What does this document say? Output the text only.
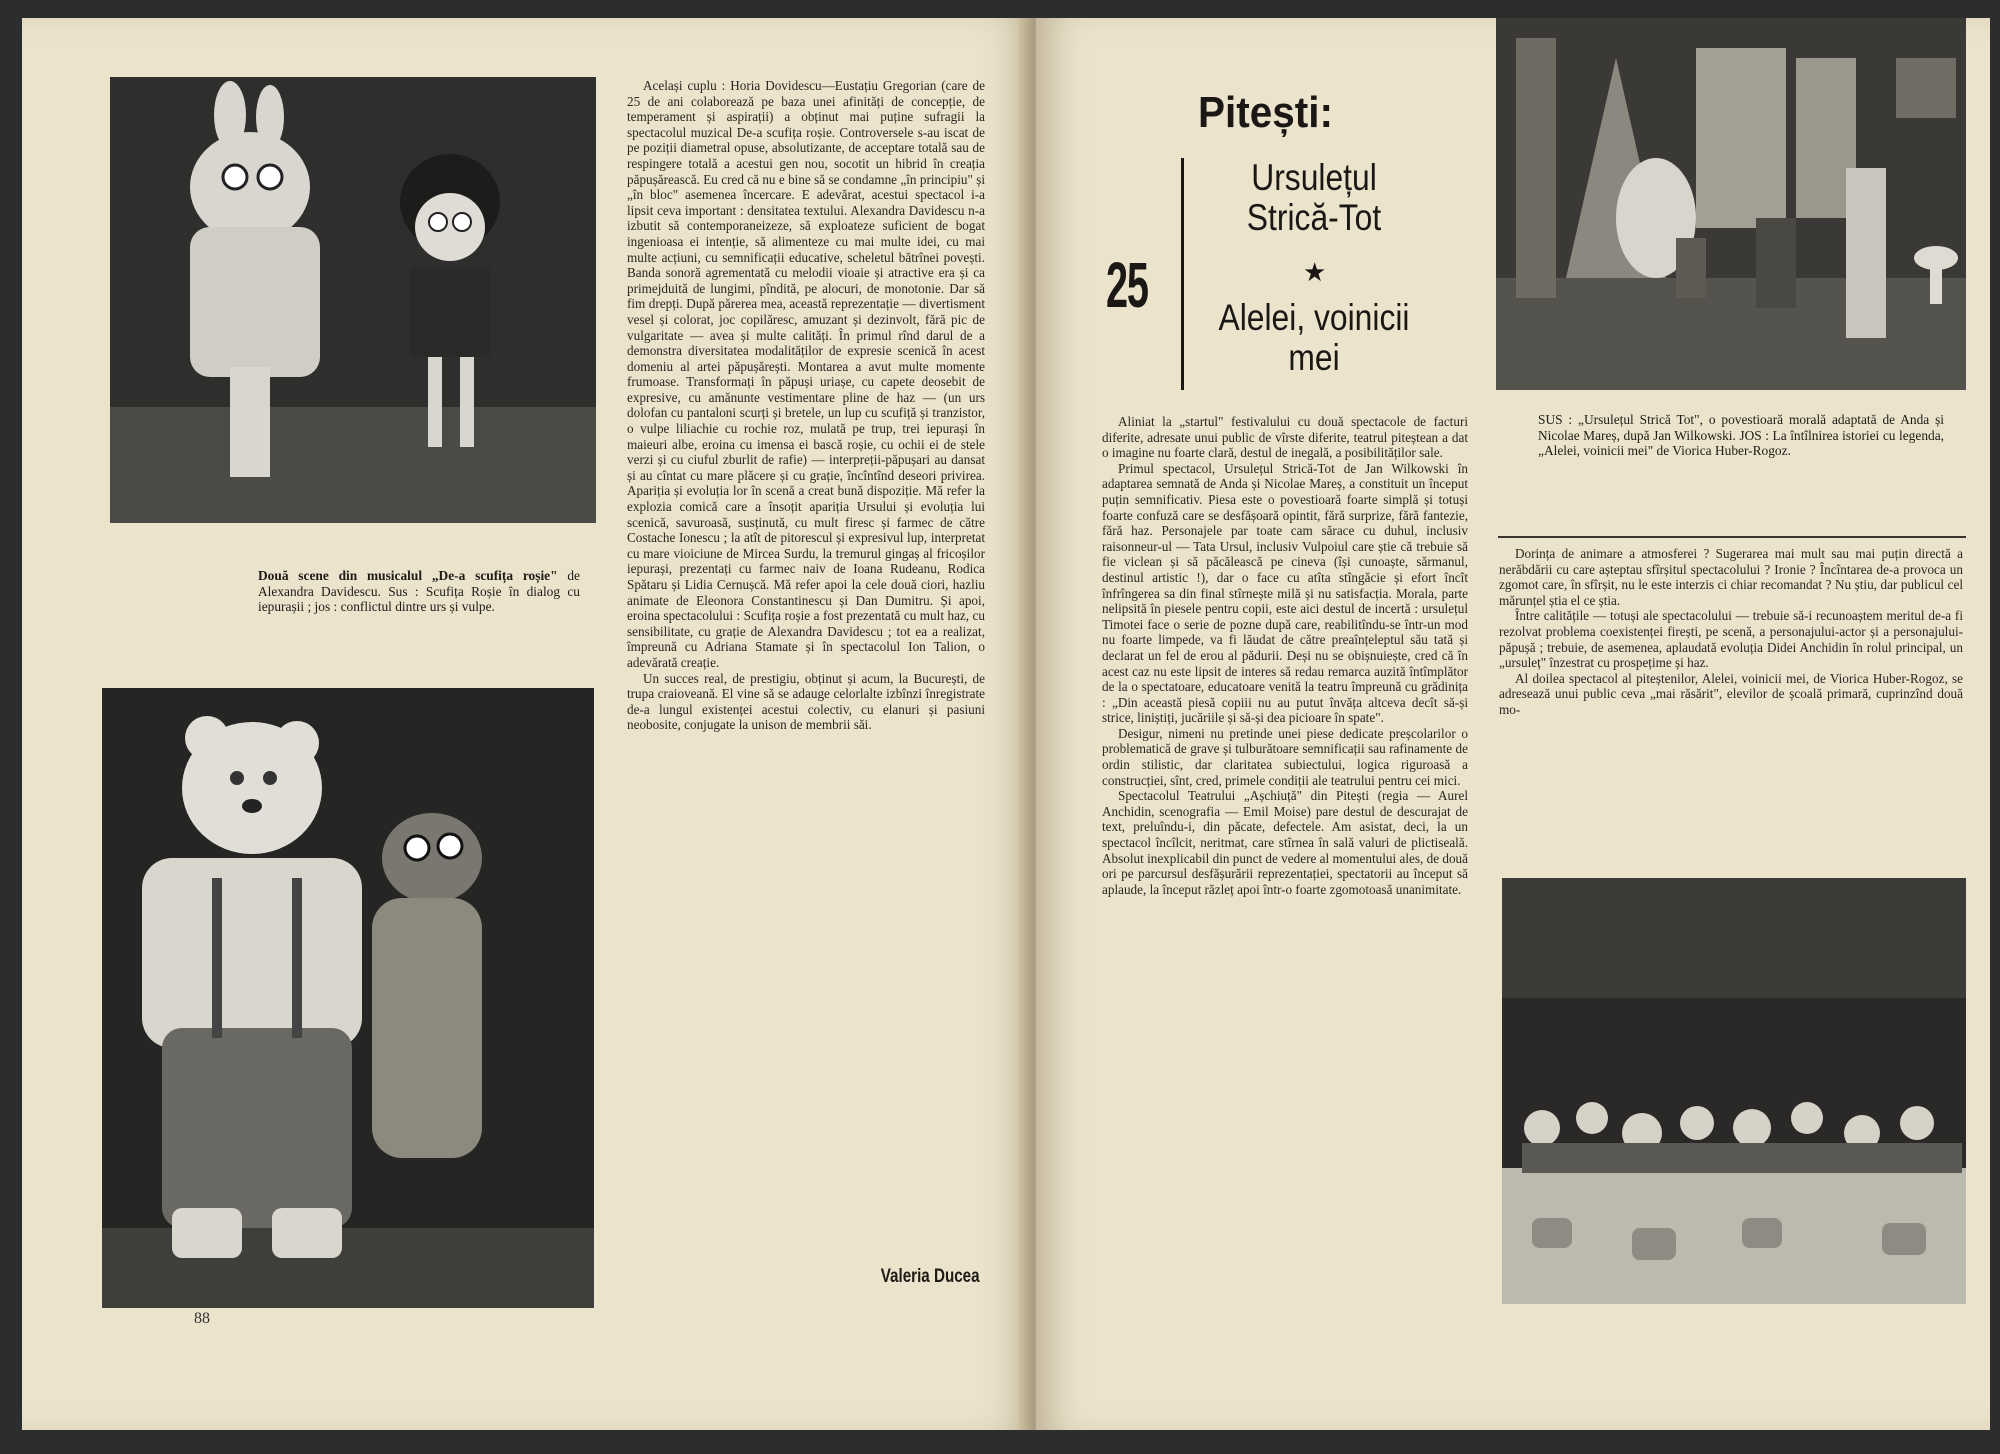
Două scene din musicalul „De-a scufița roșie" de Alexandra Davidescu. Sus : Scufița Roșie în dialog cu iepurașii ; jos : conflictul dintre urs și vulpe.

Același cuplu : Horia Dovidescu—Eustațiu Gregorian (care de 25 de ani colaborează pe baza unei afinități de concepție, de temperament și aspirații) a obținut mai puține sufragii la spectacolul muzical De-a scufița roșie. Controversele s-au iscat de pe poziții diametral opuse, absolutizante, de acceptare totală sau de respingere totală a acestui gen nou, socotit un hibrid în creația păpușărească. Eu cred că nu e bine să se condamne „în principiu" și „în bloc" asemenea încercare. E adevărat, acestui spectacol i-a lipsit ceva important : densitatea textului. Alexandra Davidescu n-a izbutit să contemporaneizeze, să exploateze suficient de bogat ingenioasa ei intenție, să alimenteze cu mai multe idei, cu mai multe acțiuni, cu semnificații educative, scheletul bătrînei povești. Banda sonoră agrementată cu melodii vioaie și atractive era și ca primejduită de lungimi, pîndită, pe alocuri, de monotonie. Dar să fim drepți. După părerea mea, această reprezentație — divertisment vesel și colorat, joc copilăresc, amuzant și dezinvolt, fără pic de vulgaritate — avea și multe calități. În primul rînd darul de a demonstra diversitatea modalităților de expresie scenică în acest domeniu al artei păpușărești. Montarea a avut multe momente frumoase. Transformați în păpuși uriașe, cu capete deosebit de expresive, cu amănunte vestimentare pline de haz — (un urs dolofan cu pantaloni scurți și bretele, un lup cu scufiță și tranzistor, o vulpe liliachie cu rochie roz, mulată pe trup, trei iepurași în maieuri albe, eroina cu imensa ei bască roșie, cu ochii ei de stele verzi și cu ciuful zburlit de rafie) — interpreții-păpușari au dansat și au cîntat cu mare plăcere și cu grație, încîntînd deseori privirea. Apariția și evoluția lor în scenă a creat bună dispoziție. Mă refer la explozia comică care a însoțit apariția Ursului și evoluția lui scenică, savuroasă, susținută, cu mult firesc și farmec de către Costache Ionescu ; la atît de pitorescul și expresivul lup, interpretat cu mare vioiciune de Mircea Surdu, la tremurul gingaș al fricoșilor iepurași, prezentați cu farmec naiv de Ioana Rudeanu, Rodica Spătaru și Lidia Cernușcă. Mă refer apoi la cele două ciori, hazliu animate de Eleonora Constantinescu și Dan Dumitru. Și apoi, eroina spectacolului : Scufița roșie a fost prezentată cu mult haz, cu sensibilitate, cu grație de Alexandra Davidescu ; tot ea a realizat, împreună cu Adriana Stamate și în spectacolul Ion Talion, o adevărată creație.

Un succes real, de prestigiu, obținut și acum, la București, de trupa craioveană. El vine să se adauge celorlalte izbînzi înregistrate de-a lungul existenței acestui colectiv, cu elanuri și pasiuni neobosite, conjugate la unison de membrii săi.

Valeria Ducea
88
Pitești:
25
Ursulețul
Strică-Tot
★
Alelei, voinicii
mei
SUS : „Ursulețul Strică Tot", o povestioară morală adaptată de Anda și Nicolae Mareș, după Jan Wilkowski. JOS : La întîlnirea istoriei cu legenda, „Alelei, voinicii mei" de Viorica Huber-Rogoz.

Aliniat la „startul" festivalului cu două spectacole de facturi diferite, adresate unui public de vîrste diferite, teatrul piteștean a dat o imagine nu foarte clară, destul de inegală, a posibilităților sale.

Primul spectacol, Ursulețul Strică-Tot de Jan Wilkowski în adaptarea semnată de Anda și Nicolae Mareș, a constituit un început puțin semnificativ. Piesa este o povestioară foarte simplă și totuși foarte confuză care se desfășoară opintit, fără surprize, fără fantezie, fără haz. Personajele par toate cam sărace cu duhul, inclusiv raisonneur-ul — Tata Ursul, inclusiv Vulpoiul care știe că trebuie să fie viclean și să păcălească pe cineva (își cunoaște, sărmanul, destinul artistic !), dar o face cu atîta stîngăcie și efort încît înfrîngerea sa din final stîrnește milă și nu satisfacția. Morala, parte nelipsită în piesele pentru copii, este aici destul de incertă : ursulețul Timotei face o serie de pozne după care, reabilitîndu-se într-un mod nu foarte limpede, va fi lăudat de către preaînțeleptul său tată și declarat un fel de erou al pădurii. Deși nu se obișnuiește, cred că în acest caz nu este lipsit de interes să redau remarca auzită întîmplător de la o spectatoare, educatoare venită la teatru împreună cu grădinița : „Din această piesă copiii nu au putut învăța altceva decît să-și strice, liniștiți, jucăriile și să-și dea picioare în spate".

Desigur, nimeni nu pretinde unei piese dedicate preșcolarilor o problematică de grave și tulburătoare semnificații sau rafinamente de ordin stilistic, dar claritatea subiectului, logica riguroasă a construcției, sînt, cred, primele condiții ale teatrului pentru cei mici.

Spectacolul Teatrului „Așchiuță" din Pitești (regia — Aurel Anchidin, scenografia — Emil Moise) pare destul de descurajat de text, preluîndu-i, din păcate, defectele. Am asistat, deci, la un spectacol încîlcit, neritmat, care stîrnea în sală valuri de plictiseală. Absolut inexplicabil din punct de vedere al momentului ales, de două ori pe parcursul desfășurării reprezentației, spectatorii au început să aplaude, la început răzleț apoi într-o foarte zgomotoasă unanimitate.

Dorința de animare a atmosferei ? Sugerarea mai mult sau mai puțin directă a nerăbdării cu care așteptau sfîrșitul spectacolului ? Ironie ? Încîntarea de-a provoca un zgomot care, în sfîrșit, nu le este interzis ci chiar recomandat ? Nu știu, dar publicul cel mărunțel știa el ce știa.

Între calitățile — totuși ale spectacolului — trebuie să-i recunoaștem meritul de-a fi rezolvat problema coexistenței firești, pe scenă, a personajului-actor și a personajului-păpușă ; trebuie, de asemenea, aplaudată evoluția Didei Anchidin în rolul principal, un „ursuleț" înzestrat cu prospețime și haz.

Al doilea spectacol al piteștenilor, Alelei, voinicii mei, de Viorica Huber-Rogoz, se adresează unui public ceva „mai răsărit", elevilor de școală primară, cuprinzînd două mo-
